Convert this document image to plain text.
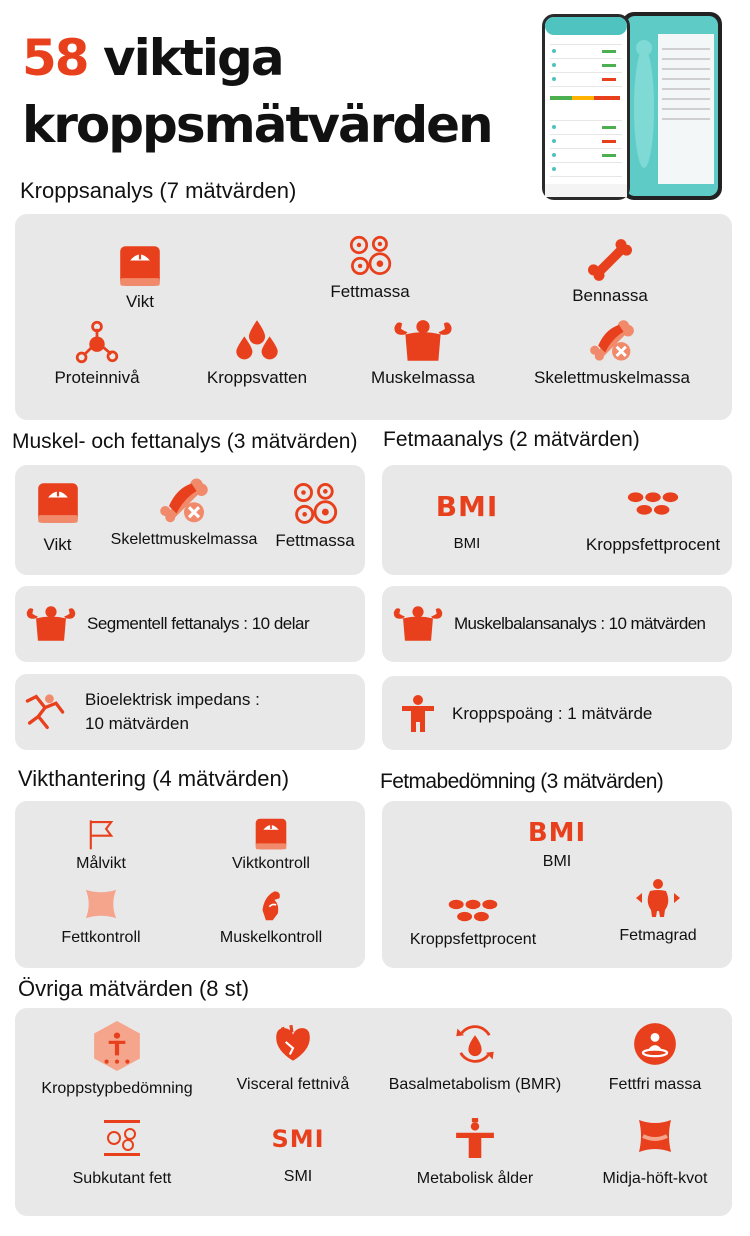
58 viktiga
kroppsmätvärden
Kroppsanalys (7 mätvärden)
Vikt
Fettmassa	Bennassa
Proteinnivå	Kroppsvatten	Muskelmassa	Skelettmuskelmassa
Muskel- och fettanalys (3 mätvärden)
Vikt	Skelettmuskelmassa	Fettmassa
Segmentell fettanalys : 10 delar
Bioelektrisk impedans :
10 mätvärden
Fetmaanalys (2 mätvärden)
BMI
BMI	Kroppsfettprocent
Muskelbalansanalys : 10 mätvärden
Kroppspoäng : 1 mätvärde
Vikthantering (4 mätvärden)
Målvikt	Viktkontroll
Fettkontroll	Muskelkontroll
Fetmabedömning (3 mätvärden)
BMI
BMI
Kroppsfettprocent	Fetmagrad
Övriga mätvärden (8 st)
Kroppstypbedömning	Visceral fettnivå	Basalmetabolism (BMR)	Fettfri massa
Subkutant fett
SMI
SMI	Metabolisk ålder	Midja-höft-kvot
